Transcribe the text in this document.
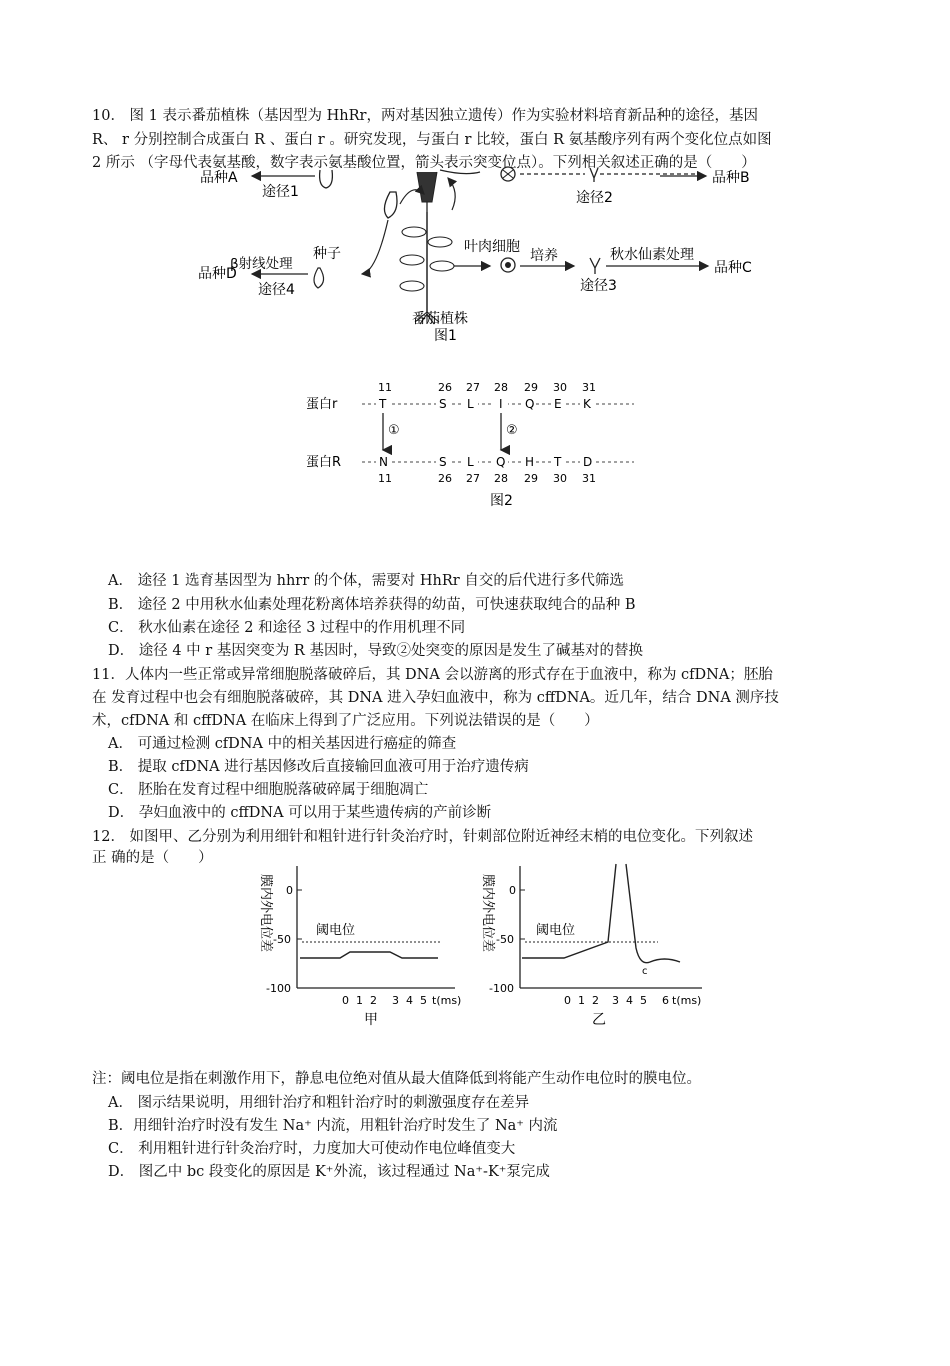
10． 图 1 表示番茄植株（基因型为 HhRr，两对基因独立遗传）作为实验材料培育新品种的途径，基因
R、 r 分别控制合成蛋白 R 、蛋白 r 。研究发现，与蛋白 r 比较，蛋白 R 氨基酸序列有两个变化位点如图
2 所示 （字母代表氨基酸，数字表示氨基酸位置，箭头表示突变位点）。下列相关叙述正确的是（　　）
品种A
途径1	途径2
品种B
种子
β射线处理
品种D
途径4
番茄植株
图1
叶肉细胞
培养	秋水仙素处理
品种C
途径3
蛋白r
蛋白R
11	26 27 28 29 30 31
T	S L I Q E K
①	②
N	S L Q H T D
11	26 27 28 29 30 31
图2
A． 途径 1 选育基因型为 hhrr 的个体，需要对 HhRr 自交的后代进行多代筛选
B． 途径 2 中用秋水仙素处理花粉离体培养获得的幼苗，可快速获取纯合的品种 B
C． 秋水仙素在途径 2 和途径 3 过程中的作用机理不同
D． 途径 4 中 r 基因突变为 R 基因时，导致②处突变的原因是发生了碱基对的替换
11．人体内一些正常或异常细胞脱落破碎后，其 DNA 会以游离的形式存在于血液中，称为 cfDNA；胚胎
在 发育过程中也会有细胞脱落破碎，其 DNA 进入孕妇血液中，称为 cffDNA。近几年，结合 DNA 测序技
术，cfDNA 和 cffDNA 在临床上得到了广泛应用。下列说法错误的是（　　）
A． 可通过检测 cfDNA 中的相关基因进行癌症的筛查
B． 提取 cfDNA 进行基因修改后直接输回血液可用于治疗遗传病
C． 胚胎在发育过程中细胞脱落破碎属于细胞凋亡
D． 孕妇血液中的 cffDNA 可以用于某些遗传病的产前诊断
12． 如图甲、乙分别为利用细针和粗针进行针灸治疗时，针刺部位附近神经末梢的电位变化。下列叙述
正 确的是（　　）
膜内外电位差 0
-50
-100
阈电位
0 1 2 3 4 5 t(ms)
甲
膜内外电位差 0
-50
-100
阈电位
c
0 1 2 3 4 5 6 t(ms)
乙
注：阈电位是指在刺激作用下，静息电位绝对值从最大值降低到将能产生动作电位时的膜电位。
A． 图示结果说明，用细针治疗和粗针治疗时的刺激强度存在差异
B．用细针治疗时没有发生 Na⁺ 内流，用粗针治疗时发生了 Na⁺ 内流
C． 利用粗针进行针灸治疗时，力度加大可使动作电位峰值变大
D． 图乙中 bc 段变化的原因是 K⁺外流，该过程通过 Na⁺-K⁺泵完成
